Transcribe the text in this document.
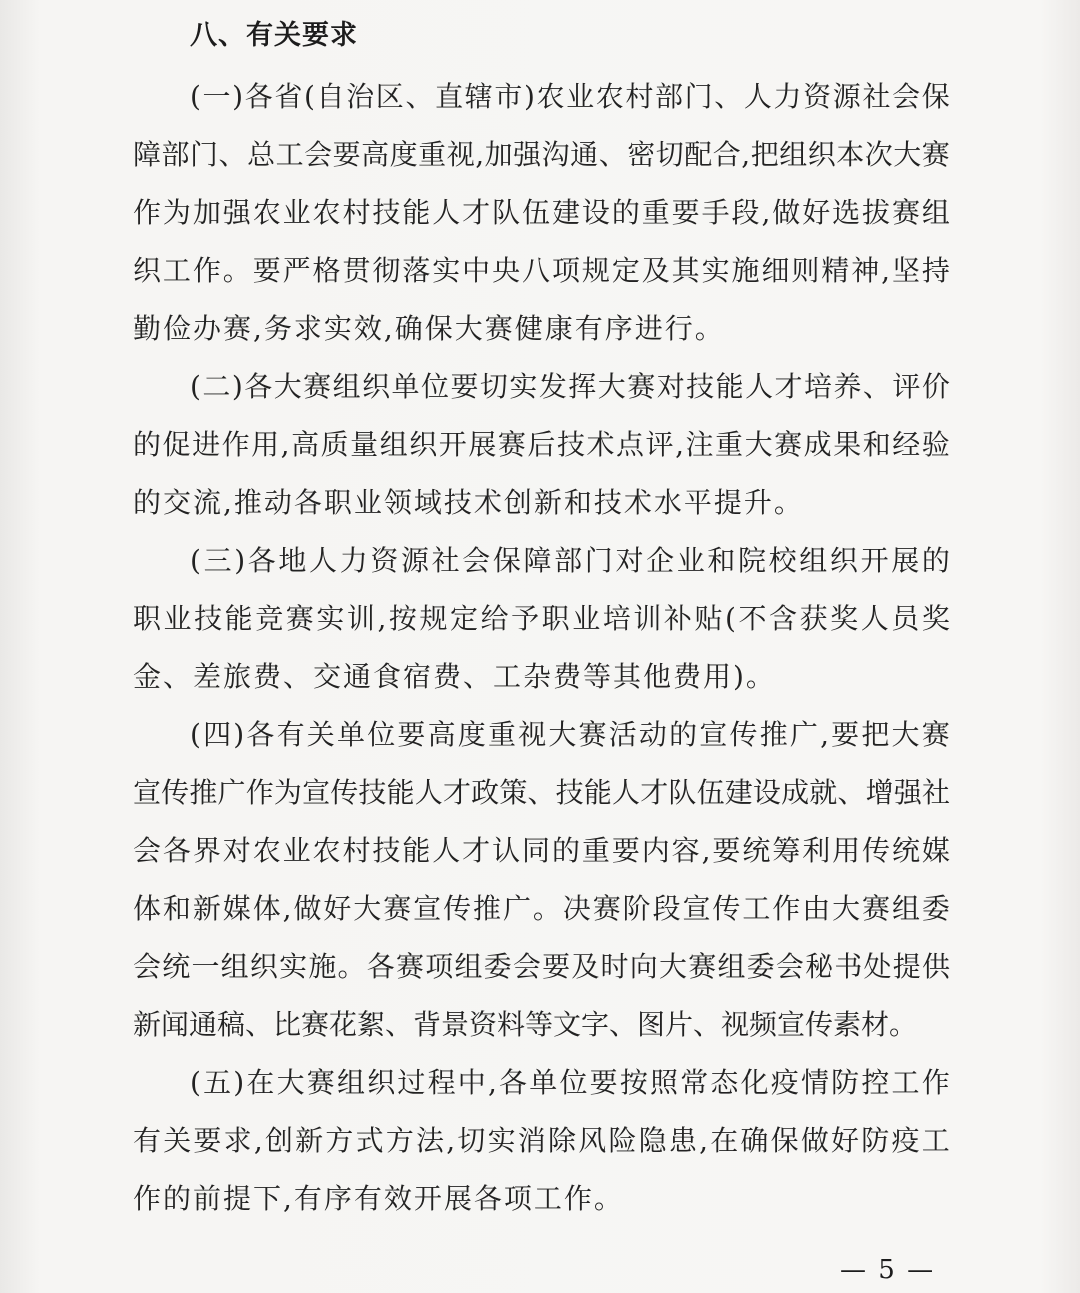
八、有关要求
(一)各省(自治区、直辖市)农业农村部门、人力资源社会保
障部门、总工会要高度重视,加强沟通、密切配合,把组织本次大赛
作为加强农业农村技能人才队伍建设的重要手段,做好选拔赛组
织工作。要严格贯彻落实中央八项规定及其实施细则精神,坚持
勤俭办赛,务求实效,确保大赛健康有序进行。
(二)各大赛组织单位要切实发挥大赛对技能人才培养、评价
的促进作用,高质量组织开展赛后技术点评,注重大赛成果和经验
的交流,推动各职业领域技术创新和技术水平提升。
(三)各地人力资源社会保障部门对企业和院校组织开展的
职业技能竞赛实训,按规定给予职业培训补贴(不含获奖人员奖
金、差旅费、交通食宿费、工杂费等其他费用)。
(四)各有关单位要高度重视大赛活动的宣传推广,要把大赛
宣传推广作为宣传技能人才政策、技能人才队伍建设成就、增强社
会各界对农业农村技能人才认同的重要内容,要统筹利用传统媒
体和新媒体,做好大赛宣传推广。决赛阶段宣传工作由大赛组委
会统一组织实施。各赛项组委会要及时向大赛组委会秘书处提供
新闻通稿、比赛花絮、背景资料等文字、图片、视频宣传素材。
(五)在大赛组织过程中,各单位要按照常态化疫情防控工作
有关要求,创新方式方法,切实消除风险隐患,在确保做好防疫工
作的前提下,有序有效开展各项工作。
— 5 —
